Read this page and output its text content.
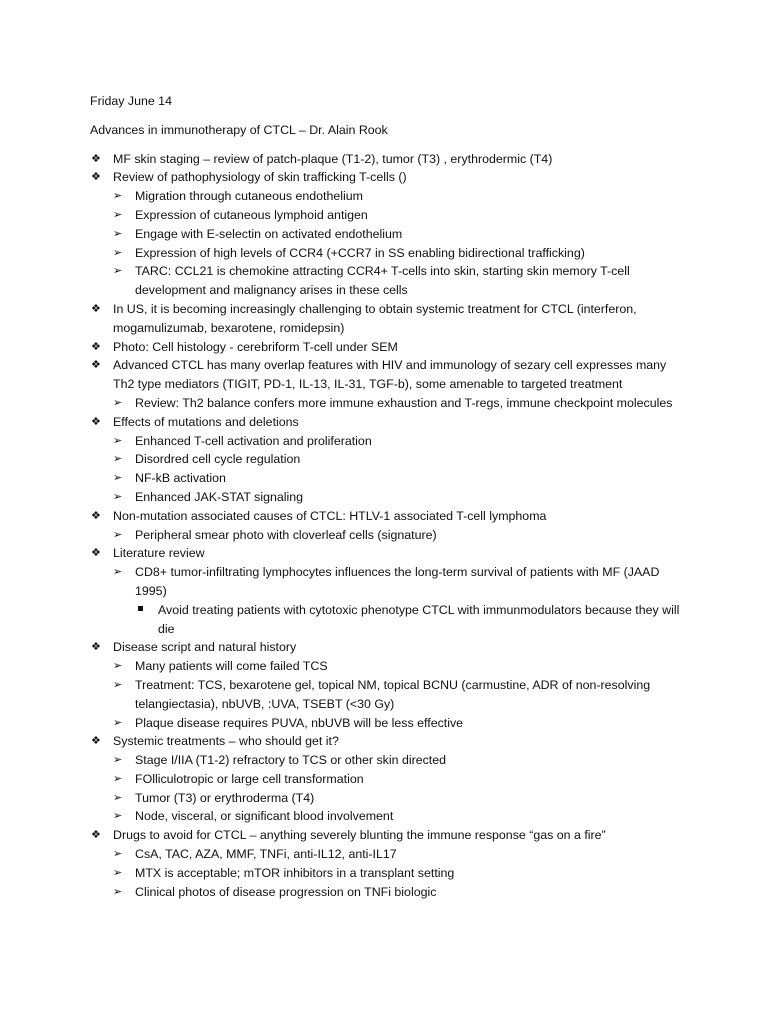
Friday June 14

Advances in immunotherapy of CTCL – Dr. Alain Rook

❖ MF skin staging – review of patch-plaque (T1-2), tumor (T3) , erythrodermic (T4)
❖ Review of pathophysiology of skin trafficking T-cells ()
➢ Migration through cutaneous endothelium
➢ Expression of cutaneous lymphoid antigen
➢ Engage with E-selectin on activated endothelium
➢ Expression of high levels of CCR4 (+CCR7 in SS enabling bidirectional trafficking)
➢ TARC: CCL21 is chemokine attracting CCR4+ T-cells into skin, starting skin memory T-cell development and malignancy arises in these cells
❖ In US, it is becoming increasingly challenging to obtain systemic treatment for CTCL (interferon, mogamulizumab, bexarotene, romidepsin)
❖ Photo: Cell histology - cerebriform T-cell under SEM
❖ Advanced CTCL has many overlap features with HIV and immunology of sezary cell expresses many Th2 type mediators (TIGIT, PD-1, IL-13, IL-31, TGF-b), some amenable to targeted treatment
➢ Review: Th2 balance confers more immune exhaustion and T-regs, immune checkpoint molecules
❖ Effects of mutations and deletions
➢ Enhanced T-cell activation and proliferation
➢ Disordred cell cycle regulation
➢ NF-kB activation
➢ Enhanced JAK-STAT signaling
❖ Non-mutation associated causes of CTCL: HTLV-1 associated T-cell lymphoma
➢ Peripheral smear photo with cloverleaf cells (signature)
❖ Literature review
➢ CD8+ tumor-infiltrating lymphocytes influences the long-term survival of patients with MF (JAAD 1995)
Avoid treating patients with cytotoxic phenotype CTCL with immunmodulators because they will die
❖ Disease script and natural history
➢ Many patients will come failed TCS
➢ Treatment: TCS, bexarotene gel, topical NM, topical BCNU (carmustine, ADR of non-resolving telangiectasia), nbUVB, :UVA, TSEBT (<30 Gy)
➢ Plaque disease requires PUVA, nbUVB will be less effective
❖ Systemic treatments – who should get it?
➢ Stage I/IIA (T1-2) refractory to TCS or other skin directed
➢ FOlliculotropic or large cell transformation
➢ Tumor (T3) or erythroderma (T4)
➢ Node, visceral, or significant blood involvement
❖ Drugs to avoid for CTCL – anything severely blunting the immune response “gas on a fire”
➢ CsA, TAC, AZA, MMF, TNFi, anti-IL12, anti-IL17
➢ MTX is acceptable; mTOR inhibitors in a transplant setting
➢ Clinical photos of disease progression on TNFi biologic
